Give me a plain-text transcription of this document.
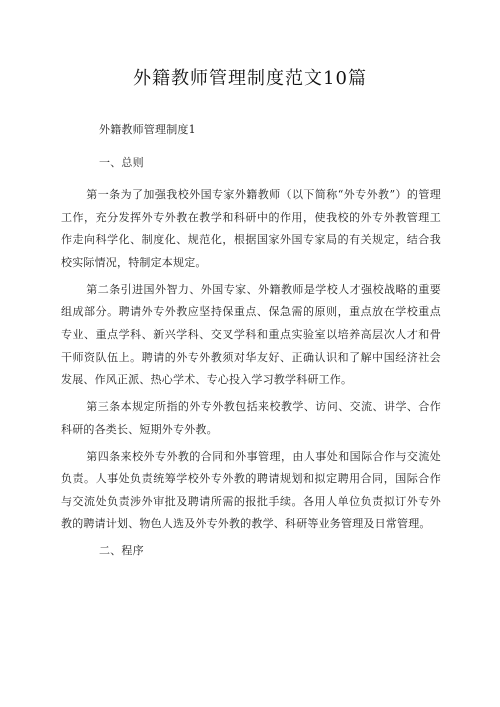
外籍教师管理制度范文10篇

外籍教师管理制度1

一、总则

第一条为了加强我校外国专家外籍教师（以下简称“外专外教”）的管理工作，充分发挥外专外教在教学和科研中的作用，使我校的外专外教管理工作走向科学化、制度化、规范化，根据国家外国专家局的有关规定，结合我校实际情况，特制定本规定。

第二条引进国外智力、外国专家、外籍教师是学校人才强校战略的重要组成部分。聘请外专外教应坚持保重点、保急需的原则，重点放在学校重点专业、重点学科、新兴学科、交叉学科和重点实验室以培养高层次人才和骨干师资队伍上。聘请的外专外教须对华友好、正确认识和了解中国经济社会发展、作风正派、热心学术、专心投入学习教学科研工作。

第三条本规定所指的外专外教包括来校教学、访问、交流、讲学、合作科研的各类长、短期外专外教。

第四条来校外专外教的合同和外事管理，由人事处和国际合作与交流处负责。人事处负责统筹学校外专外教的聘请规划和拟定聘用合同，国际合作与交流处负责涉外审批及聘请所需的报批手续。各用人单位负责拟订外专外教的聘请计划、物色人选及外专外教的教学、科研等业务管理及日常管理。

二、程序
